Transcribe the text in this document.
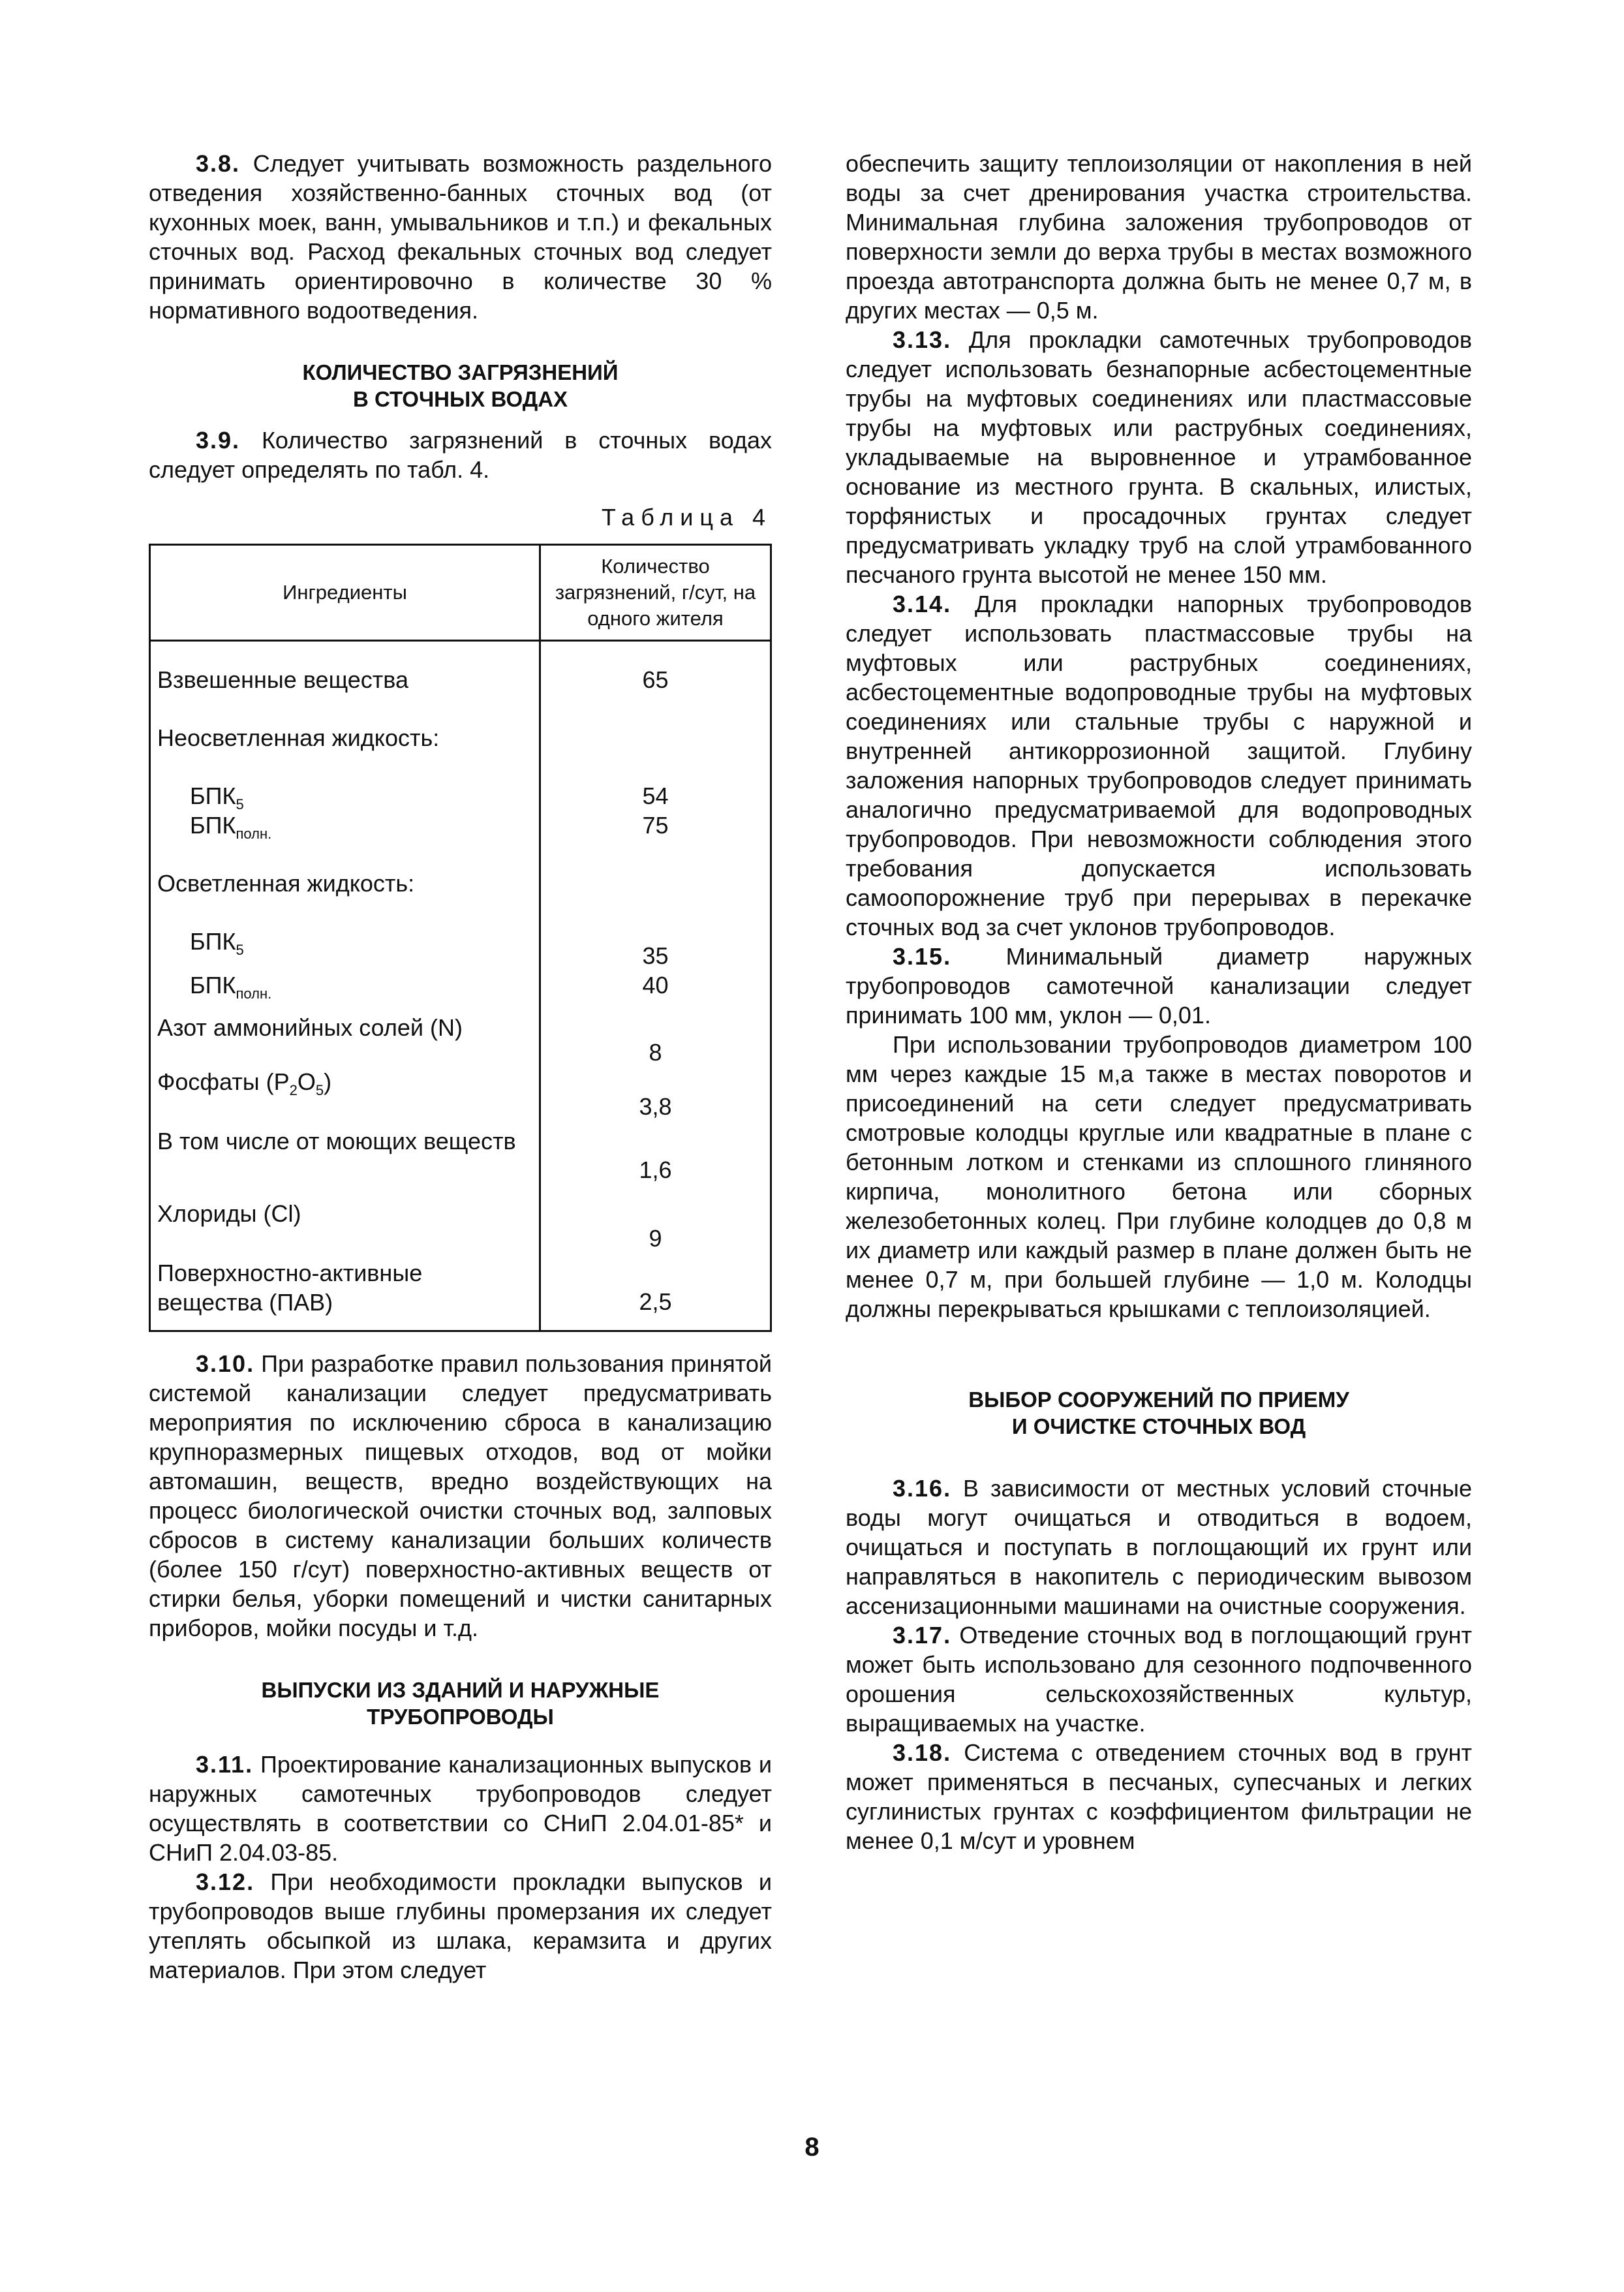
3.8. Следует учитывать возможность раздельного отведения хозяйственно-банных сточных вод (от кухонных моек, ванн, умывальников и т.п.) и фекальных сточных вод. Расход фекальных сточных вод следует принимать ориентировочно в количестве 30 % нормативного водоотведения.

КОЛИЧЕСТВО ЗАГРЯЗНЕНИЙ
В СТОЧНЫХ ВОДАХ

3.9. Количество загрязнений в сточных водах следует определять по табл. 4.

Таблица 4
Ингредиенты	Количество загрязнений, г/сут, на одного жителя
Взвешенные вещества	65

Неосветленная жидкость:	

$БПК_5$	54
$БПК_{полн.}$	75

Осветленная жидкость:	

$БПК_5$	35
$БПК_{полн.}$	40

Азот аммонийных солей (N)	8
Фосфаты $(P_2O_5)$	3,8
В том числе от моющих веществ	1,6
Хлориды (Cl)	9
Поверхностно-активные вещества (ПАВ)	2,5

3.10. При разработке правил пользования принятой системой канализации следует предусматривать мероприятия по исключению сброса в канализацию крупноразмерных пищевых отходов, вод от мойки автомашин, веществ, вредно воздействующих на процесс биологической очистки сточных вод, залповых сбросов в систему канализации больших количеств (более 150 г/сут) поверхностно-активных веществ от стирки белья, уборки помещений и чистки санитарных приборов, мойки посуды и т.д.

ВЫПУСКИ ИЗ ЗДАНИЙ И НАРУЖНЫЕ
ТРУБОПРОВОДЫ

3.11. Проектирование канализационных выпусков и наружных самотечных трубопроводов следует осуществлять в соответствии со СНиП 2.04.01-85* и СНиП 2.04.03-85.

3.12. При необходимости прокладки выпусков и трубопроводов выше глубины промерзания их следует утеплять обсыпкой из шлака, керамзита и других материалов. При этом следует

обеспечить защиту теплоизоляции от накопления в ней воды за счет дренирования участка строительства. Минимальная глубина заложения трубопроводов от поверхности земли до верха трубы в местах возможного проезда автотранспорта должна быть не менее 0,7 м, в других местах — 0,5 м.

3.13. Для прокладки самотечных трубопроводов следует использовать безнапорные асбестоцементные трубы на муфтовых соединениях или пластмассовые трубы на муфтовых или раструбных соединениях, укладываемые на выровненное и утрамбованное основание из местного грунта. В скальных, илистых, торфянистых и просадочных грунтах следует предусматривать укладку труб на слой утрамбованного песчаного грунта высотой не менее 150 мм.

3.14. Для прокладки напорных трубопроводов следует использовать пластмассовые трубы на муфтовых или раструбных соединениях, асбестоцементные водопроводные трубы на муфтовых соединениях или стальные трубы с наружной и внутренней антикоррозионной защитой. Глубину заложения напорных трубопроводов следует принимать аналогично предусматриваемой для водопроводных трубопроводов. При невозможности соблюдения этого требования допускается использовать самоопорожнение труб при перерывах в перекачке сточных вод за счет уклонов трубопроводов.

3.15. Минимальный диаметр наружных трубопроводов самотечной канализации следует принимать 100 мм, уклон — 0,01.

При использовании трубопроводов диаметром 100 мм через каждые 15 м,а также в местах поворотов и присоединений на сети следует предусматривать смотровые колодцы круглые или квадратные в плане с бетонным лотком и стенками из сплошного глиняного кирпича, монолитного бетона или сборных железобетонных колец. При глубине колодцев до 0,8 м их диаметр или каждый размер в плане должен быть не менее 0,7 м, при большей глубине — 1,0 м. Колодцы должны перекрываться крышками с теплоизоляцией.

ВЫБОР СООРУЖЕНИЙ ПО ПРИЕМУ
И ОЧИСТКЕ СТОЧНЫХ ВОД

3.16. В зависимости от местных условий сточные воды могут очищаться и отводиться в водоем, очищаться и поступать в поглощающий их грунт или направляться в накопитель с периодическим вывозом ассенизационными машинами на очистные сооружения.

3.17. Отведение сточных вод в поглощающий грунт может быть использовано для сезонного подпочвенного орошения сельскохозяйственных культур, выращиваемых на участке.

3.18. Система с отведением сточных вод в грунт может применяться в песчаных, супесчаных и легких суглинистых грунтах с коэффициентом фильтрации не менее 0,1 м/сут и уровнем

8
